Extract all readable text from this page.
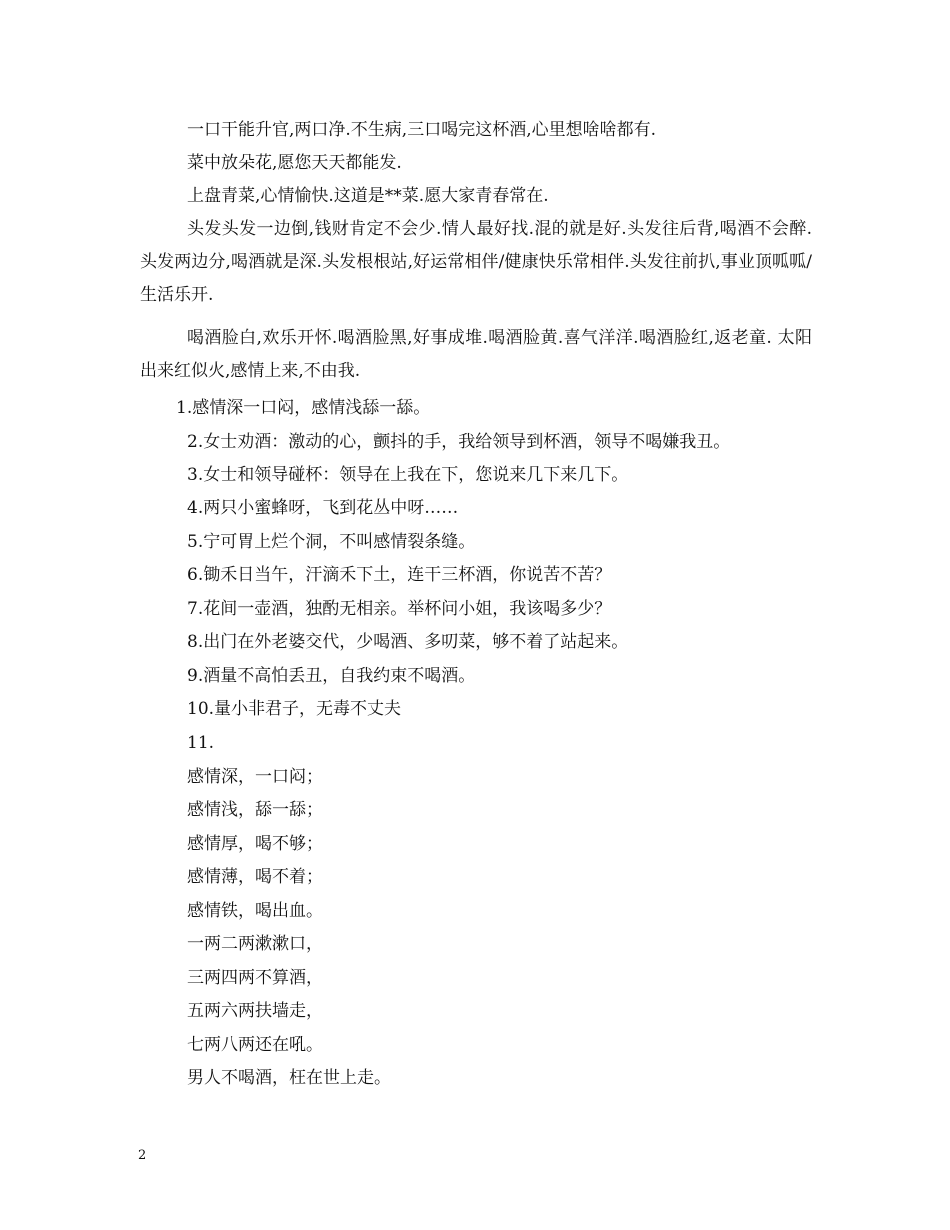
一口干能升官,两口净.不生病,三口喝完这杯酒,心里想啥啥都有.

菜中放朵花,愿您天天都能发.

上盘青菜,心情愉快.这道是**菜.愿大家青春常在.

头发头发一边倒,钱财肯定不会少.情人最好找.混的就是好.头发往后背,喝酒不会醉.头发两边分,喝酒就是深.头发根根站,好运常相伴/健康快乐常相伴.头发往前扒,事业顶呱呱/生活乐开.

喝酒脸白,欢乐开怀.喝酒脸黑,好事成堆.喝酒脸黄.喜气洋洋.喝酒脸红,返老童. 太阳出来红似火,感情上来,不由我.

1.感情深一口闷，感情浅舔一舔。

2.女士劝酒：激动的心，颤抖的手，我给领导到杯酒，领导不喝嫌我丑。

3.女士和领导碰杯：领导在上我在下，您说来几下来几下。

4.两只小蜜蜂呀，飞到花丛中呀……

5.宁可胃上烂个洞，不叫感情裂条缝。

6.锄禾日当午，汗滴禾下土，连干三杯酒，你说苦不苦？

7.花间一壶酒，独酌无相亲。举杯问小姐，我该喝多少？

8.出门在外老婆交代，少喝酒、多叨菜，够不着了站起来。

9.酒量不高怕丢丑，自我约束不喝酒。

10.量小非君子，无毒不丈夫

11.

感情深，一口闷；

感情浅，舔一舔；

感情厚，喝不够；

感情薄，喝不着；

感情铁，喝出血。

一两二两漱漱口，

三两四两不算酒，

五两六两扶墙走，

七两八两还在吼。

男人不喝酒，枉在世上走。

2
